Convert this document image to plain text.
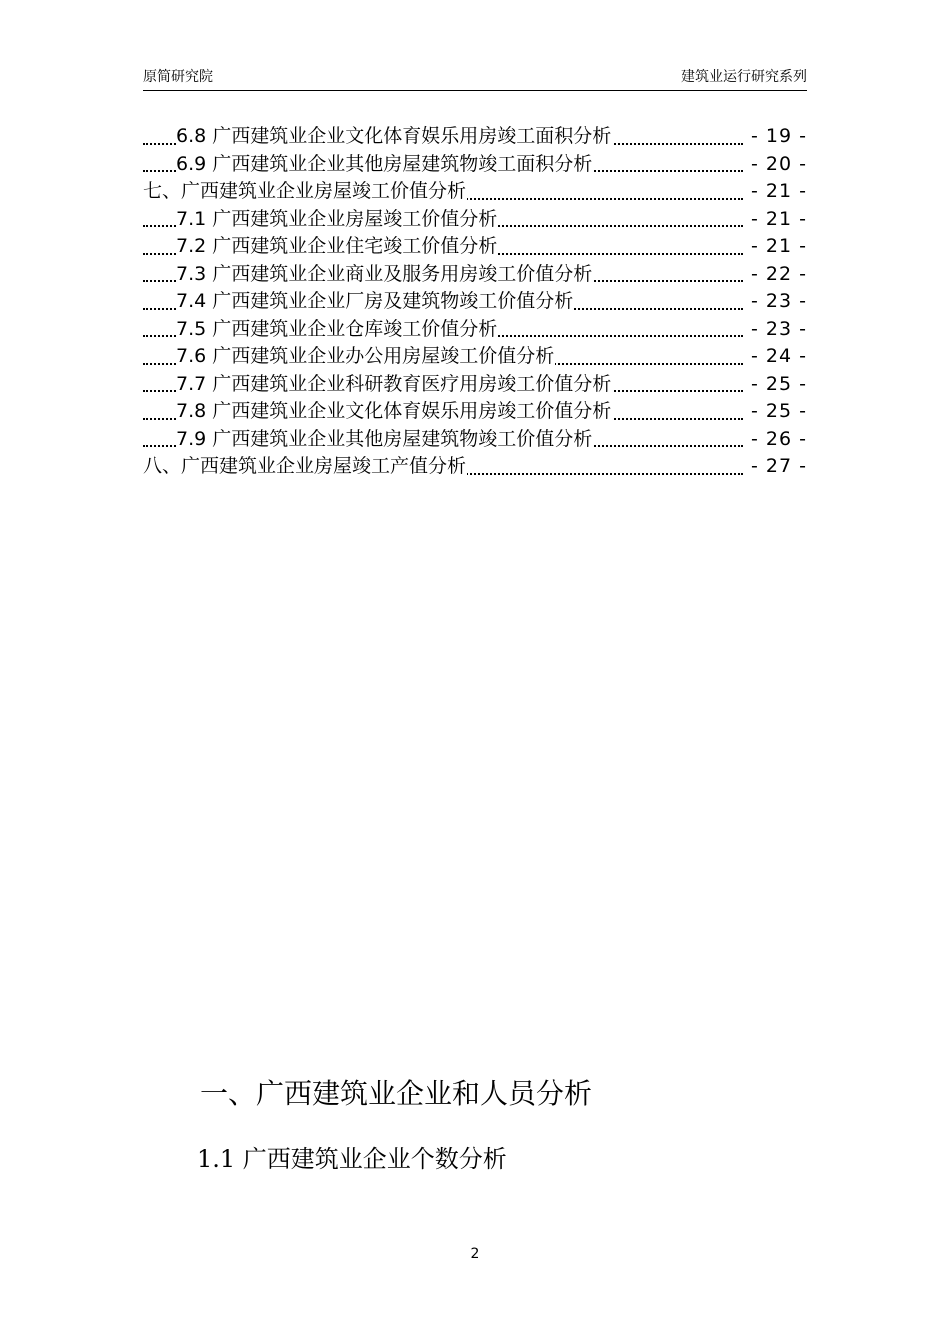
原简研究院	建筑业运行研究系列
6.8 广西建筑业企业文化体育娱乐用房竣工面积分析	- 19 -
6.9 广西建筑业企业其他房屋建筑物竣工面积分析	- 20 -
七、广西建筑业企业房屋竣工价值分析	- 21 -
7.1 广西建筑业企业房屋竣工价值分析	- 21 -
7.2 广西建筑业企业住宅竣工价值分析	- 21 -
7.3 广西建筑业企业商业及服务用房竣工价值分析	- 22 -
7.4 广西建筑业企业厂房及建筑物竣工价值分析	- 23 -
7.5 广西建筑业企业仓库竣工价值分析	- 23 -
7.6 广西建筑业企业办公用房屋竣工价值分析	- 24 -
7.7 广西建筑业企业科研教育医疗用房竣工价值分析	- 25 -
7.8 广西建筑业企业文化体育娱乐用房竣工价值分析	- 25 -
7.9 广西建筑业企业其他房屋建筑物竣工价值分析	- 26 -
八、广西建筑业企业房屋竣工产值分析	- 27 -
一、广西建筑业企业和人员分析
1.1 广西建筑业企业个数分析
2
